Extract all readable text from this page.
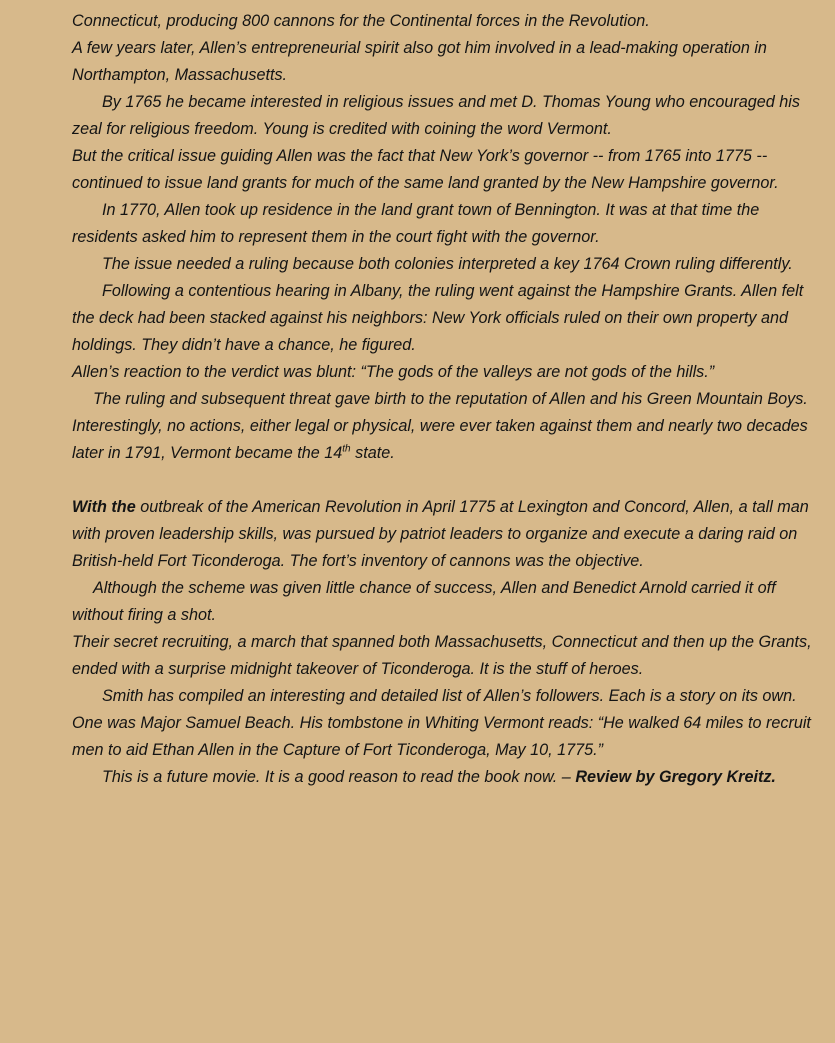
Connecticut, producing 800 cannons for the Continental forces in the Revolution.

A few years later, Allen’s entrepreneurial spirit also got him involved in a lead-making operation in Northampton, Massachusetts.

By 1765 he became interested in religious issues and met D. Thomas Young who encouraged his zeal for religious freedom. Young is credited with coining the word Vermont.

But the critical issue guiding Allen was the fact that New York’s governor -- from 1765 into 1775 -- continued to issue land grants for much of the same land granted by the New Hampshire governor.

In 1770, Allen took up residence in the land grant town of Bennington. It was at that time the residents asked him to represent them in the court fight with the governor.

The issue needed a ruling because both colonies interpreted a key 1764 Crown ruling differently.

Following a contentious hearing in Albany, the ruling went against the Hampshire Grants. Allen felt the deck had been stacked against his neighbors: New York officials ruled on their own property and holdings. They didn’t have a chance, he figured.

Allen’s reaction to the verdict was blunt: “The gods of the valleys are not gods of the hills.”

The ruling and subsequent threat gave birth to the reputation of Allen and his Green Mountain Boys. Interestingly, no actions, either legal or physical, were ever taken against them and nearly two decades later in 1791, Vermont became the 14th state.

With the outbreak of the American Revolution in April 1775 at Lexington and Concord, Allen, a tall man with proven leadership skills, was pursued by patriot leaders to organize and execute a daring raid on British-held Fort Ticonderoga. The fort’s inventory of cannons was the objective.

Although the scheme was given little chance of success, Allen and Benedict Arnold carried it off without firing a shot.

Their secret recruiting, a march that spanned both Massachusetts, Connecticut and then up the Grants, ended with a surprise midnight takeover of Ticonderoga. It is the stuff of heroes.

Smith has compiled an interesting and detailed list of Allen’s followers. Each is a story on its own. One was Major Samuel Beach. His tombstone in Whiting Vermont reads: “He walked 64 miles to recruit men to aid Ethan Allen in the Capture of Fort Ticonderoga, May 10, 1775.”

This is a future movie. It is a good reason to read the book now. – Review by Gregory Kreitz.
